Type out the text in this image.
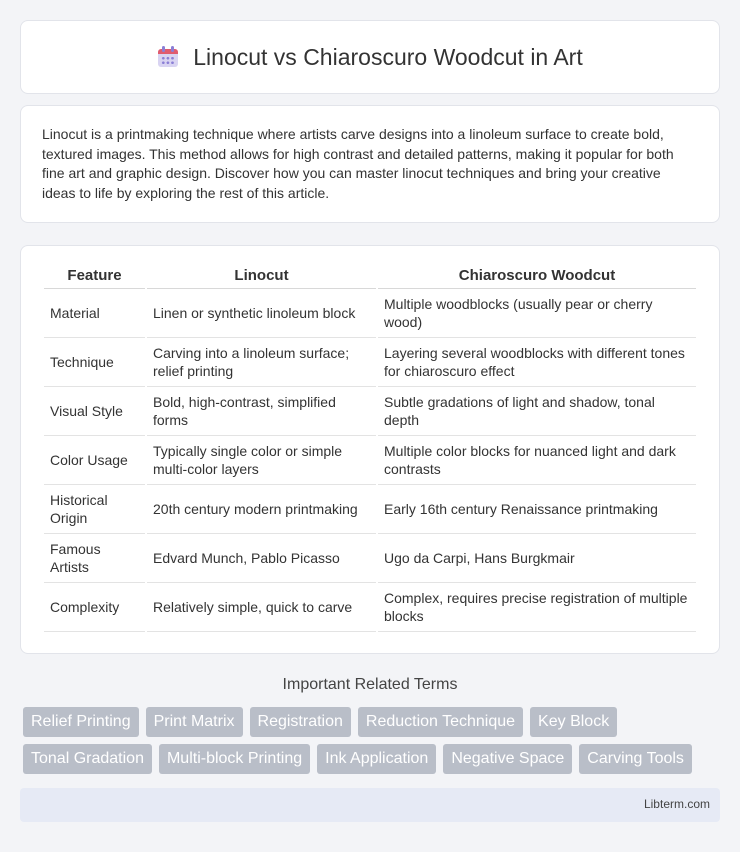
Linocut vs Chiaroscuro Woodcut in Art

Linocut is a printmaking technique where artists carve designs into a linoleum surface to create bold, textured images. This method allows for high contrast and detailed patterns, making it popular for both fine art and graphic design. Discover how you can master linocut techniques and bring your creative ideas to life by exploring the rest of this article.

Feature	Linocut	Chiaroscuro Woodcut
Material	Linen or synthetic linoleum block	Multiple woodblocks (usually pear or cherry wood)
Technique	Carving into a linoleum surface; relief printing	Layering several woodblocks with different tones for chiaroscuro effect
Visual Style	Bold, high-contrast, simplified forms	Subtle gradations of light and shadow, tonal depth
Color Usage	Typically single color or simple multi-color layers	Multiple color blocks for nuanced light and dark contrasts
Historical Origin	20th century modern printmaking	Early 16th century Renaissance printmaking
Famous Artists	Edvard Munch, Pablo Picasso	Ugo da Carpi, Hans Burgkmair
Complexity	Relatively simple, quick to carve	Complex, requires precise registration of multiple blocks
Important Related Terms
Relief Printing	Print Matrix	Registration	Reduction Technique	Key Block
Tonal Gradation	Multi-block Printing	Ink Application	Negative Space	Carving Tools
Libterm.com
